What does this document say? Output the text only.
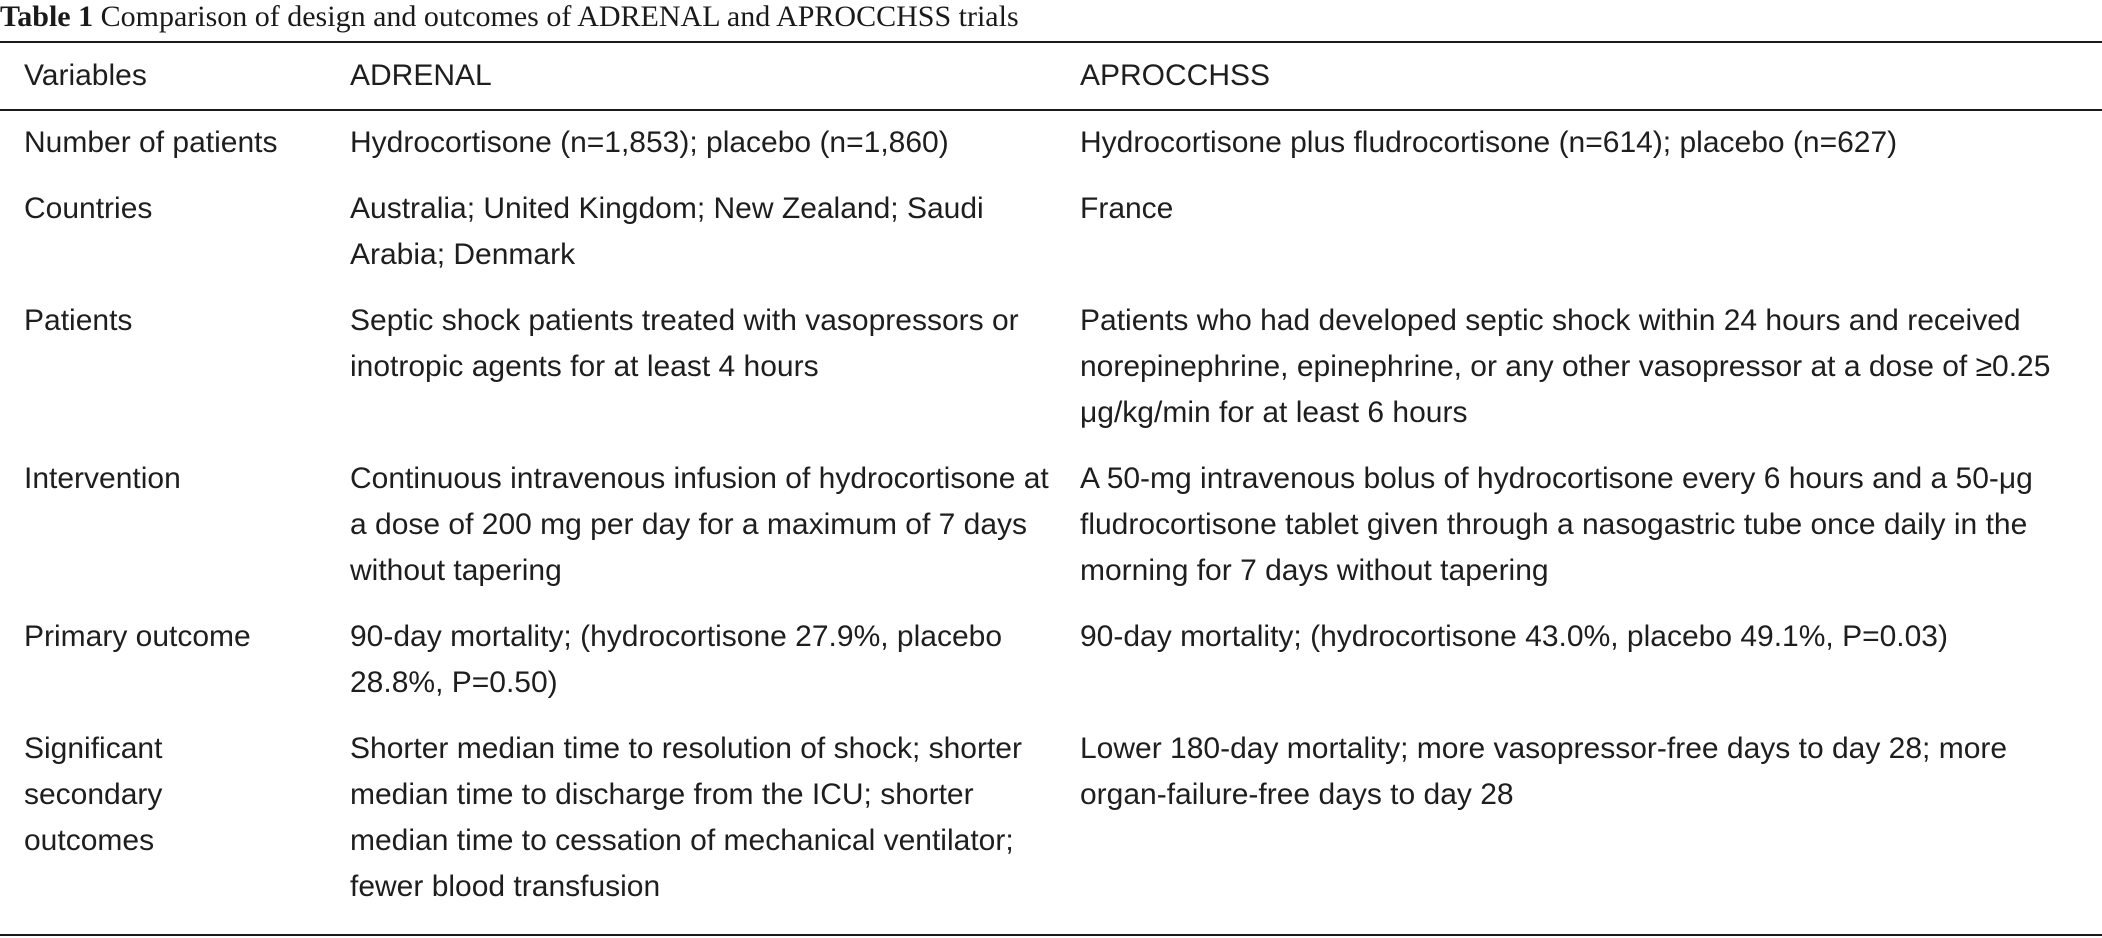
Table 1 Comparison of design and outcomes of ADRENAL and APROCCHSS trials
Variables	ADRENAL	APROCCHSS
Number of patients	Hydrocortisone (n=1,853); placebo (n=1,860)	Hydrocortisone plus fludrocortisone (n=614); placebo (n=627)
Countries	Australia; United Kingdom; New Zealand; Saudi Arabia; Denmark	France
Patients	Septic shock patients treated with vasopressors or inotropic agents for at least 4 hours	Patients who had developed septic shock within 24 hours and received norepinephrine, epinephrine, or any other vasopressor at a dose of ≥0.25 μg/kg/min for at least 6 hours
Intervention	Continuous intravenous infusion of hydrocortisone at a dose of 200 mg per day for a maximum of 7 days without tapering	A 50-mg intravenous bolus of hydrocortisone every 6 hours and a 50-μg fludrocortisone tablet given through a nasogastric tube once daily in the morning for 7 days without tapering
Primary outcome	90-day mortality; (hydrocortisone 27.9%, placebo 28.8%, P=0.50)	90-day mortality; (hydrocortisone 43.0%, placebo 49.1%, P=0.03)
Significant secondary outcomes	Shorter median time to resolution of shock; shorter median time to discharge from the ICU; shorter median time to cessation of mechanical ventilator; fewer blood transfusion	Lower 180-day mortality; more vasopressor-free days to day 28; more organ-failure-free days to day 28
